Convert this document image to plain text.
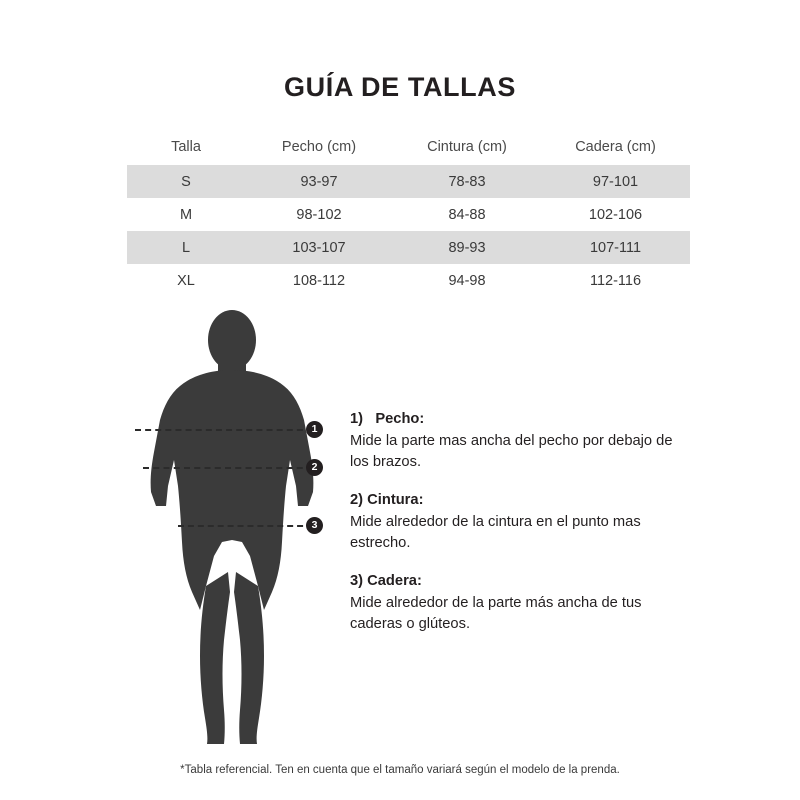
GUÍA DE TALLAS
Talla	Pecho (cm)	Cintura (cm)	Cadera (cm)
S	93-97	78-83	97-101
M	98-102	84-88	102-106
L	103-107	89-93	107-111
XL	108-112	94-98	112-116
1
2
3
1) Pecho:
Mide la parte mas ancha del pecho por debajo de los brazos.
2) Cintura:
Mide alrededor de la cintura en el punto mas estrecho.
3) Cadera:
Mide alrededor de la parte más ancha de tus caderas o glúteos.
*Tabla referencial. Ten en cuenta que el tamaño variará según el modelo de la prenda.
